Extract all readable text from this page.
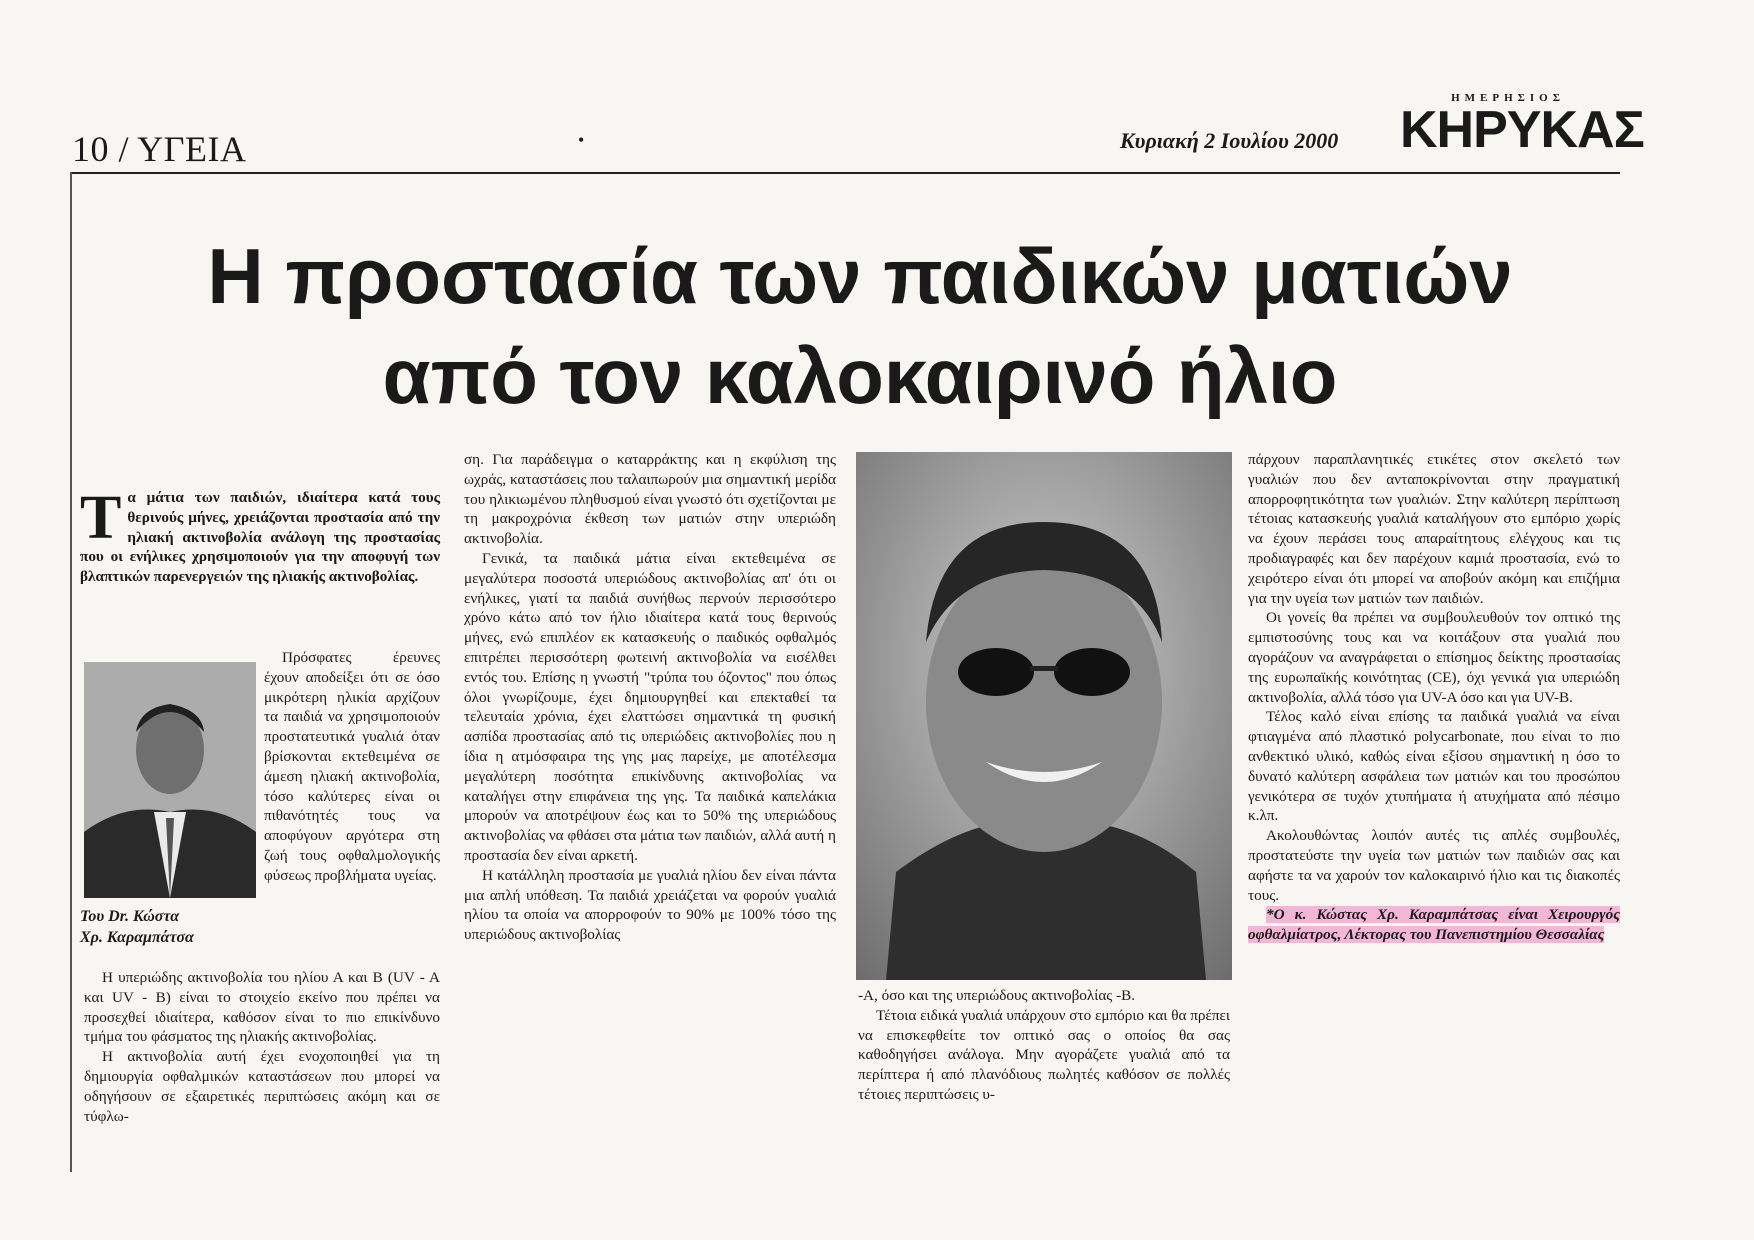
10 / ΥΓΕΙΑ	•	Κυριακή 2 Ιουλίου 2000
ΗΜΕΡΗΣΙΟΣ
ΚΗΡΥΚΑΣ
Η προστασία των παιδικών ματιών
από τον καλοκαιρινό ήλιο

Τα μάτια των παιδιών, ιδιαίτερα κατά τους θερινούς μήνες, χρειάζονται προστασία από την ηλιακή ακτινοβολία ανάλογη της προστασίας που οι ενήλικες χρησιμοποιούν για την αποφυγή των βλαπτικών παρενεργειών της ηλιακής ακτινοβολίας.

Πρόσφατες έρευνες έχουν αποδείξει ότι σε όσο μικρότερη ηλικία αρχίζουν τα παιδιά να χρησιμοποιούν προστατευτικά γυαλιά όταν βρίσκονται εκτεθειμένα σε άμεση ηλιακή ακτινοβολία, τόσο καλύτερες είναι οι πιθανότητές τους να αποφύγουν αργότερα στη ζωή τους οφθαλμολογικής φύσεως προβλήματα υγείας.

Του Dr. Κώστα
Χρ. Καραμπάτσα

Η υπεριώδης ακτινοβολία του ηλίου Α και Β (UV - A και UV - B) είναι το στοιχείο εκείνο που πρέπει να προσεχθεί ιδιαίτερα, καθόσον είναι το πιο επικίνδυνο τμήμα του φάσματος της ηλιακής ακτινοβολίας.

Η ακτινοβολία αυτή έχει ενοχοποιηθεί για τη δημιουργία οφθαλμικών καταστάσεων που μπορεί να οδηγήσουν σε εξαιρετικές περιπτώσεις ακόμη και σε τύφλω-

ση. Για παράδειγμα ο καταρράκτης και η εκφύλιση της ωχράς, καταστάσεις που ταλαιπωρούν μια σημαντική μερίδα του ηλικιωμένου πληθυσμού είναι γνωστό ότι σχετίζονται με τη μακροχρόνια έκθεση των ματιών στην υπεριώδη ακτινοβολία.

Γενικά, τα παιδικά μάτια είναι εκτεθειμένα σε μεγαλύτερα ποσοστά υπεριώδους ακτινοβολίας απ' ότι οι ενήλικες, γιατί τα παιδιά συνήθως περνούν περισσότερο χρόνο κάτω από τον ήλιο ιδιαίτερα κατά τους θερινούς μήνες, ενώ επιπλέον εκ κατασκευής ο παιδικός οφθαλμός επιτρέπει περισσότερη φωτεινή ακτινοβολία να εισέλθει εντός του. Επίσης η γνωστή "τρύπα του όζοντος" που όπως όλοι γνωρίζουμε, έχει δημιουργηθεί και επεκταθεί τα τελευταία χρόνια, έχει ελαττώσει σημαντικά τη φυσική ασπίδα προστασίας από τις υπεριώδεις ακτινοβολίες που η ίδια η ατμόσφαιρα της γης μας παρείχε, με αποτέλεσμα μεγαλύτερη ποσότητα επικίνδυνης ακτινοβολίας να καταλήγει στην επιφάνεια της γης. Τα παιδικά καπελάκια μπορούν να αποτρέψουν έως και το 50% της υπεριώδους ακτινοβολίας να φθάσει στα μάτια των παιδιών, αλλά αυτή η προστασία δεν είναι αρκετή.

Η κατάλληλη προστασία με γυαλιά ηλίου δεν είναι πάντα μια απλή υπόθεση. Τα παιδιά χρειάζεται να φορούν γυαλιά ηλίου τα οποία να απορροφούν το 90% με 100% τόσο της υπεριώδους ακτινοβολίας

-Α, όσο και της υπεριώδους ακτινοβολίας -Β.

Τέτοια ειδικά γυαλιά υπάρχουν στο εμπόριο και θα πρέπει να επισκεφθείτε τον οπτικό σας ο οποίος θα σας καθοδηγήσει ανάλογα. Μην αγοράζετε γυαλιά από τα περίπτερα ή από πλανόδιους πωλητές καθόσον σε πολλές τέτοιες περιπτώσεις υ-

πάρχουν παραπλανητικές ετικέτες στον σκελετό των γυαλιών που δεν ανταποκρίνονται στην πραγματική απορροφητικότητα των γυαλιών. Στην καλύτερη περίπτωση τέτοιας κατασκευής γυαλιά καταλήγουν στο εμπόριο χωρίς να έχουν περάσει τους απαραίτητους ελέγχους και τις προδιαγραφές και δεν παρέχουν καμιά προστασία, ενώ το χειρότερο είναι ότι μπορεί να αποβούν ακόμη και επιζήμια για την υγεία των ματιών των παιδιών.

Οι γονείς θα πρέπει να συμβουλευθούν τον οπτικό της εμπιστοσύνης τους και να κοιτάξουν στα γυαλιά που αγοράζουν να αναγράφεται ο επίσημος δείκτης προστασίας της ευρωπαϊκής κοινότητας (CE), όχι γενικά για υπεριώδη ακτινοβολία, αλλά τόσο για UV-A όσο και για UV-B.

Τέλος καλό είναι επίσης τα παιδικά γυαλιά να είναι φτιαγμένα από πλαστικό polycarbonate, που είναι το πιο ανθεκτικό υλικό, καθώς είναι εξίσου σημαντική η όσο το δυνατό καλύτερη ασφάλεια των ματιών και του προσώπου γενικότερα σε τυχόν χτυπήματα ή ατυχήματα από πέσιμο κ.λπ.

Ακολουθώντας λοιπόν αυτές τις απλές συμβουλές, προστατεύστε την υγεία των ματιών των παιδιών σας και αφήστε τα να χαρούν τον καλοκαιρινό ήλιο και τις διακοπές τους.

*Ο κ. Κώστας Χρ. Καραμπάτσας είναι Χειρουργός οφθαλμίατρος, Λέκτορας του Πανεπιστημίου Θεσσαλίας
